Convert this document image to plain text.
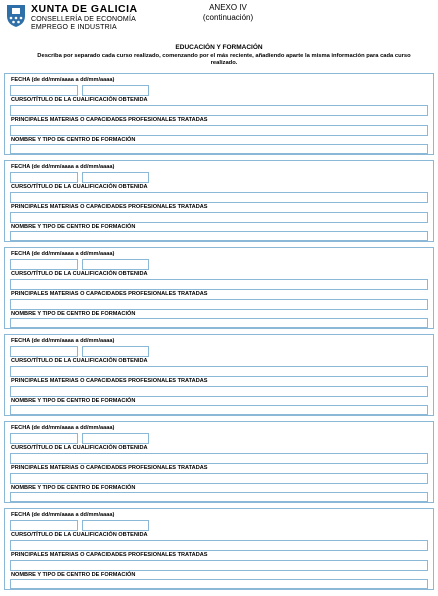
XUNTA DE GALICIA
CONSELLERÍA DE ECONOMÍA
EMPREGO E INDUSTRIA
ANEXO IV
(continuación)
EDUCACIÓN Y FORMACIÓN
Describa por separado cada curso realizado, comenzando por el más reciente, añadiendo aparte la misma información para cada curso
realizado.
FECHA (de dd/mm/aaaa a dd/mm/aaaa)
CURSO/TÍTULO DE LA CUALIFICACIÓN OBTENIDA
PRINCIPALES MATERIAS O CAPACIDADES PROFESIONALES TRATADAS
NOMBRE Y TIPO DE CENTRO DE FORMACIÓN
FECHA (de dd/mm/aaaa a dd/mm/aaaa)
CURSO/TÍTULO DE LA CUALIFICACIÓN OBTENIDA
PRINCIPALES MATERIAS O CAPACIDADES PROFESIONALES TRATADAS
NOMBRE Y TIPO DE CENTRO DE FORMACIÓN
FECHA (de dd/mm/aaaa a dd/mm/aaaa)
CURSO/TÍTULO DE LA CUALIFICACIÓN OBTENIDA
PRINCIPALES MATERIAS O CAPACIDADES PROFESIONALES TRATADAS
NOMBRE Y TIPO DE CENTRO DE FORMACIÓN
FECHA (de dd/mm/aaaa a dd/mm/aaaa)
CURSO/TÍTULO DE LA CUALIFICACIÓN OBTENIDA
PRINCIPALES MATERIAS O CAPACIDADES PROFESIONALES TRATADAS
NOMBRE Y TIPO DE CENTRO DE FORMACIÓN
FECHA (de dd/mm/aaaa a dd/mm/aaaa)
CURSO/TÍTULO DE LA CUALIFICACIÓN OBTENIDA
PRINCIPALES MATERIAS O CAPACIDADES PROFESIONALES TRATADAS
NOMBRE Y TIPO DE CENTRO DE FORMACIÓN
FECHA (de dd/mm/aaaa a dd/mm/aaaa)
CURSO/TÍTULO DE LA CUALIFICACIÓN OBTENIDA
PRINCIPALES MATERIAS O CAPACIDADES PROFESIONALES TRATADAS
NOMBRE Y TIPO DE CENTRO DE FORMACIÓN
